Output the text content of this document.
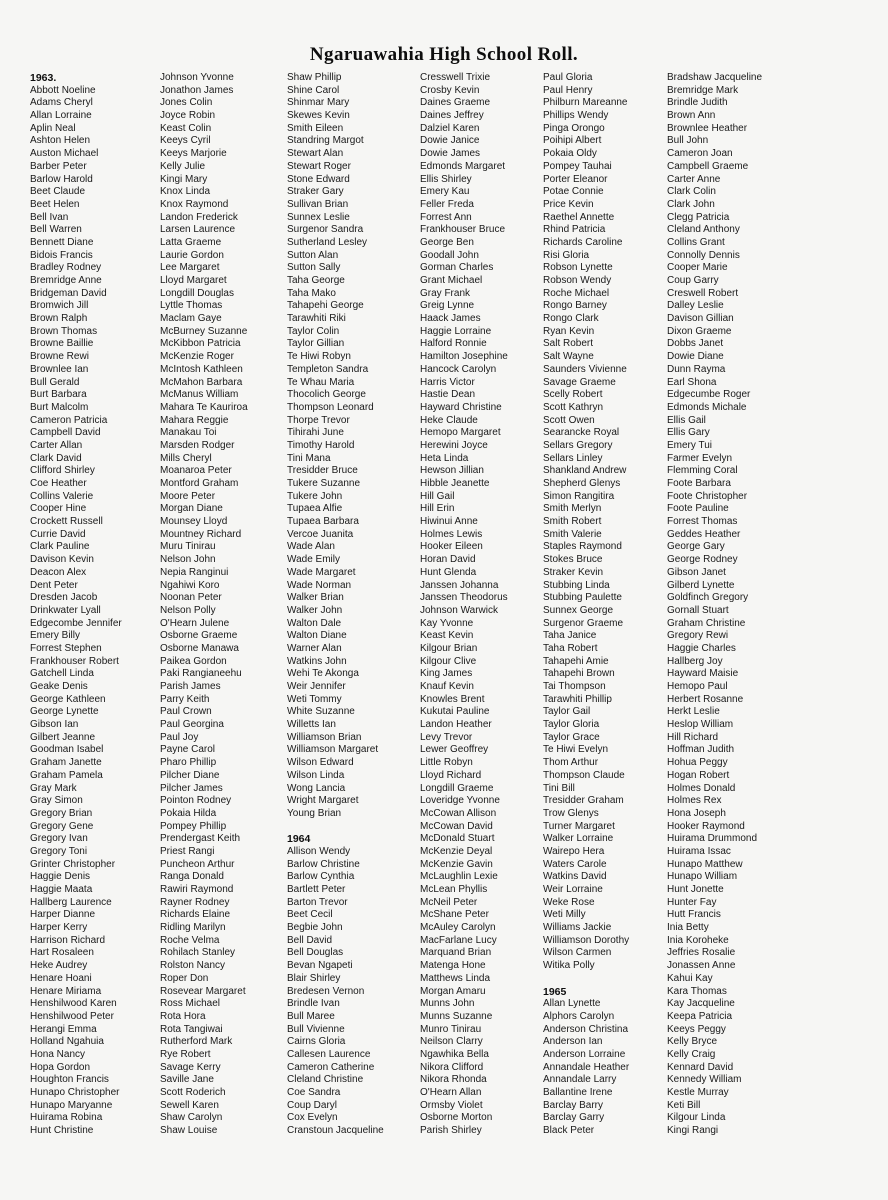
Ngaruawahia High School Roll.
1963.
Abbott Noeline
Adams Cheryl
Allan Lorraine
Aplin Neal
Ashton Helen
Auston Michael
Barber Peter
Barlow Harold
Beet Claude
Beet Helen
Bell Ivan
Bell Warren
Bennett Diane
Bidois Francis
Bradley Rodney
Bremridge Anne
Bridgeman David
Bromwich Jill
Brown Ralph
Brown Thomas
Browne Baillie
Browne Rewi
Brownlee Ian
Bull Gerald
Burt Barbara
Burt Malcolm
Cameron Patricia
Campbell David
Carter Allan
Clark David
Clifford Shirley
Coe Heather
Collins Valerie
Cooper Hine
Crockett Russell
Currie David
Clark Pauline
Davison Kevin
Deacon Alex
Dent Peter
Dresden Jacob
Drinkwater Lyall
Edgecombe Jennifer
Emery Billy
Forrest Stephen
Frankhouser Robert
Gatchell Linda
Geake Denis
George Kathleen
George Lynette
Gibson Ian
Gilbert Jeanne
Goodman Isabel
Graham Janette
Graham Pamela
Gray Mark
Gray Simon
Gregory Brian
Gregory Gene
Gregory Ivan
Gregory Toni
Grinter Christopher
Haggie Denis
Haggie Maata
Hallberg Laurence
Harper Dianne
Harper Kerry
Harrison Richard
Hart Rosaleen
Heke Audrey
Henare Hoani
Henare Miriama
Henshilwood Karen
Henshilwood Peter
Herangi Emma
Holland Ngahuia
Hona Nancy
Hopa Gordon
Houghton Francis
Hunapo Christopher
Hunapo Maryanne
Huirama Robina
Hunt Christine
Johnson Yvonne
Jonathon James
Jones Colin
Joyce Robin
Keast Colin
Keeys Cyril
Keeys Marjorie
Kelly Julie
Kingi Mary
Knox Linda
Knox Raymond
Landon Frederick
Larsen Laurence
Latta Graeme
Laurie Gordon
Lee Margaret
Lloyd Margaret
Longdill Douglas
Lyttle Thomas
Maclam Gaye
McBurney Suzanne
McKibbon Patricia
McKenzie Roger
McIntosh Kathleen
McMahon Barbara
McManus William
Mahara Te Kauriroa
Mahara Reggie
Manakau Toi
Marsden Rodger
Mills Cheryl
Moanaroa Peter
Montford Graham
Moore Peter
Morgan Diane
Mounsey Lloyd
Mountney Richard
Muru Tinirau
Nelson John
Nepia Ranginui
Ngahiwi Koro
Noonan Peter
Nelson Polly
O'Hearn Julene
Osborne Graeme
Osborne Manawa
Paikea Gordon
Paki Rangianeehu
Parish James
Parry Keith
Paul Crown
Paul Georgina
Paul Joy
Payne Carol
Pharo Phillip
Pilcher Diane
Pilcher James
Pointon Rodney
Pokaia Hilda
Pompey Phillip
Prendergast Keith
Priest Rangi
Puncheon Arthur
Ranga Donald
Rawiri Raymond
Rayner Rodney
Richards Elaine
Ridling Marilyn
Roche Velma
Rohilach Stanley
Rolston Nancy
Roper Don
Rosevear Margaret
Ross Michael
Rota Hora
Rota Tangiwai
Rutherford Mark
Rye Robert
Savage Kerry
Saville Jane
Scott Roderich
Sewell Karen
Shaw Carolyn
Shaw Louise
Shaw Phillip
Shine Carol
Shinmar Mary
Skewes Kevin
Smith Eileen
Standring Margot
Stewart Alan
Stewart Roger
Stone Edward
Straker Gary
Sullivan Brian
Sunnex Leslie
Surgenor Sandra
Sutherland Lesley
Sutton Alan
Sutton Sally
Taha George
Taha Mako
Tahapehi George
Tarawhiti Riki
Taylor Colin
Taylor Gillian
Te Hiwi Robyn
Templeton Sandra
Te Whau Maria
Thocolich George
Thompson Leonard
Thorpe Trevor
Tihirahi June
Timothy Harold
Tini Mana
Tresidder Bruce
Tukere Suzanne
Tukere John
Tupaea Alfie
Tupaea Barbara
Vercoe Juanita
Wade Alan
Wade Emily
Wade Margaret
Wade Norman
Walker Brian
Walker John
Walton Dale
Walton Diane
Warner Alan
Watkins John
Wehi Te Akonga
Weir Jennifer
Weti Tommy
White Suzanne
Willetts Ian
Williamson Brian
Williamson Margaret
Wilson Edward
Wilson Linda
Wong Lancia
Wright Margaret
Young Brian
1964
Allison Wendy
Barlow Christine
Barlow Cynthia
Bartlett Peter
Barton Trevor
Beet Cecil
Begbie John
Bell David
Bell Douglas
Bevan Ngapeti
Blair Shirley
Bredesen Vernon
Brindle Ivan
Bull Maree
Bull Vivienne
Cairns Gloria
Callesen Laurence
Cameron Catherine
Cleland Christine
Coe Sandra
Coup Daryl
Cox Evelyn
Cranstoun Jacqueline
Cresswell Trixie
Crosby Kevin
Daines Graeme
Daines Jeffrey
Dalziel Karen
Dowie Janice
Dowie James
Edmonds Margaret
Ellis Shirley
Emery Kau
Feller Freda
Forrest Ann
Frankhouser Bruce
George Ben
Goodall John
Gorman Charles
Grant Michael
Gray Frank
Greig Lynne
Haack James
Haggie Lorraine
Halford Ronnie
Hamilton Josephine
Hancock Carolyn
Harris Victor
Hastie Dean
Hayward Christine
Heke Claude
Hemopo Margaret
Herewini Joyce
Heta Linda
Hewson Jillian
Hibble Jeanette
Hill Gail
Hill Erin
Hiwinui Anne
Holmes Lewis
Hooker Eileen
Horan David
Hunt Glenda
Janssen Johanna
Janssen Theodorus
Johnson Warwick
Kay Yvonne
Keast Kevin
Kilgour Brian
Kilgour Clive
King James
Knauf Kevin
Knowles Brent
Kukutai Pauline
Landon Heather
Levy Trevor
Lewer Geoffrey
Little Robyn
Lloyd Richard
Longdill Graeme
Loveridge Yvonne
McCowan Allison
McCowan David
McDonald Stuart
McKenzie Deyal
McKenzie Gavin
McLaughlin Lexie
McLean Phyllis
McNeil Peter
McShane Peter
McAuley Carolyn
MacFarlane Lucy
Marquand Brian
Matenga Hone
Matthews Linda
Morgan Amaru
Munns John
Munns Suzanne
Munro Tinirau
Neilson Clarry
Ngawhika Bella
Nikora Clifford
Nikora Rhonda
O'Hearn Allan
Ormsby Violet
Osborne Morton
Parish Shirley
Paul Gloria
Paul Henry
Philburn Mareanne
Phillips Wendy
Pinga Orongo
Poihipi Albert
Pokaia Oldy
Pompey Tauhai
Porter Eleanor
Potae Connie
Price Kevin
Raethel Annette
Rhind Patricia
Richards Caroline
Risi Gloria
Robson Lynette
Robson Wendy
Roche Michael
Rongo Barney
Rongo Clark
Ryan Kevin
Salt Robert
Salt Wayne
Saunders Vivienne
Savage Graeme
Scelly Robert
Scott Kathryn
Scott Owen
Searancke Royal
Sellars Gregory
Sellars Linley
Shankland Andrew
Shepherd Glenys
Simon Rangitira
Smith Merlyn
Smith Robert
Smith Valerie
Staples Raymond
Stokes Bruce
Straker Kevin
Stubbing Linda
Stubbing Paulette
Sunnex George
Surgenor Graeme
Taha Janice
Taha Robert
Tahapehi Amie
Tahapehi Brown
Tai Thompson
Tarawhiti Phillip
Taylor Gail
Taylor Gloria
Taylor Grace
Te Hiwi Evelyn
Thom Arthur
Thompson Claude
Tini Bill
Tresidder Graham
Trow Glenys
Turner Margaret
Walker Lorraine
Wairepo Hera
Waters Carole
Watkins David
Weir Lorraine
Weke Rose
Weti Milly
Williams Jackie
Williamson Dorothy
Wilson Carmen
Witika Polly
1965
Allan Lynette
Alphors Carolyn
Anderson Christina
Anderson Ian
Anderson Lorraine
Annandale Heather
Annandale Larry
Ballantine Irene
Barclay Barry
Barclay Garry
Black Peter
Bradshaw Jacqueline
Bremridge Mark
Brindle Judith
Brown Ann
Brownlee Heather
Bull John
Cameron Joan
Campbell Graeme
Carter Anne
Clark Colin
Clark John
Clegg Patricia
Cleland Anthony
Collins Grant
Connolly Dennis
Cooper Marie
Coup Garry
Creswell Robert
Dalley Leslie
Davison Gillian
Dixon Graeme
Dobbs Janet
Dowie Diane
Dunn Rayma
Earl Shona
Edgecumbe Roger
Edmonds Michale
Ellis Gail
Ellis Gary
Emery Tui
Farmer Evelyn
Flemming Coral
Foote Barbara
Foote Christopher
Foote Pauline
Forrest Thomas
Geddes Heather
George Gary
George Rodney
Gibson Janet
Gilberd Lynette
Goldfinch Gregory
Gornall Stuart
Graham Christine
Gregory Rewi
Haggie Charles
Hallberg Joy
Hayward Maisie
Hemopo Paul
Herbert Rosanne
Herkt Leslie
Heslop William
Hill Richard
Hoffman Judith
Hohua Peggy
Hogan Robert
Holmes Donald
Holmes Rex
Hona Joseph
Hooker Raymond
Huirama Drummond
Huirama Issac
Hunapo Matthew
Hunapo William
Hunt Jonette
Hunter Fay
Hutt Francis
Inia Betty
Inia Koroheke
Jeffries Rosalie
Jonassen Anne
Kahui Kay
Kara Thomas
Kay Jacqueline
Keepa Patricia
Keeys Peggy
Kelly Bryce
Kelly Craig
Kennard David
Kennedy William
Kestle Murray
Keti Bill
Kilgour Linda
Kingi Rangi
